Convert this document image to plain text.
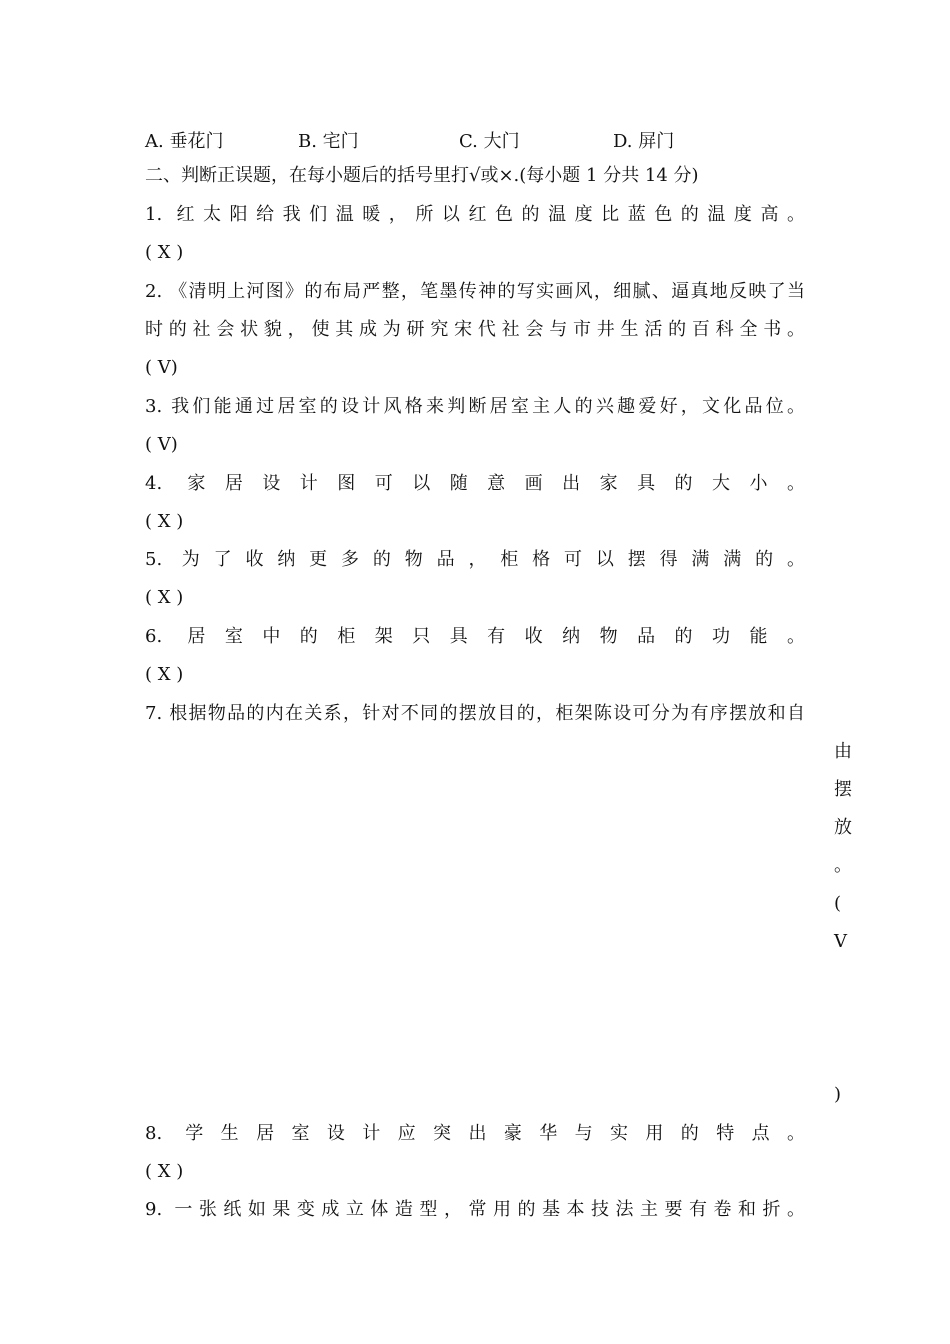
A. 垂花门	B. 宅门	C. 大门	D. 屏门
二、判断正误题，在每小题后的括号里打√或×.(每小题 1 分共 14 分)
1. 红太阳给我们温暖，所以红色的温度比蓝色的温度高。
( X )
2. 《清明上河图》的布局严整，笔墨传神的写实画风，细腻、逼真地反映了当
时的社会状貌，使其成为研究宋代社会与市井生活的百科全书。
( V)
3. 我们能通过居室的设计风格来判断居室主人的兴趣爱好，文化品位。
( V)
4. 家居设计图可以随意画出家具的大小。
( X )
5. 为了收纳更多的物品，柜格可以摆得满满的。
( X )
6. 居室中的柜架只具有收纳物品的功能。
( X )
7. 根据物品的内在关系，针对不同的摆放目的，柜架陈设可分为有序摆放和自
由
摆
放
。
(
V
)
8. 学生居室设计应突出豪华与实用的特点。
( X )
9. 一张纸如果变成立体造型，常用的基本技法主要有卷和折。
